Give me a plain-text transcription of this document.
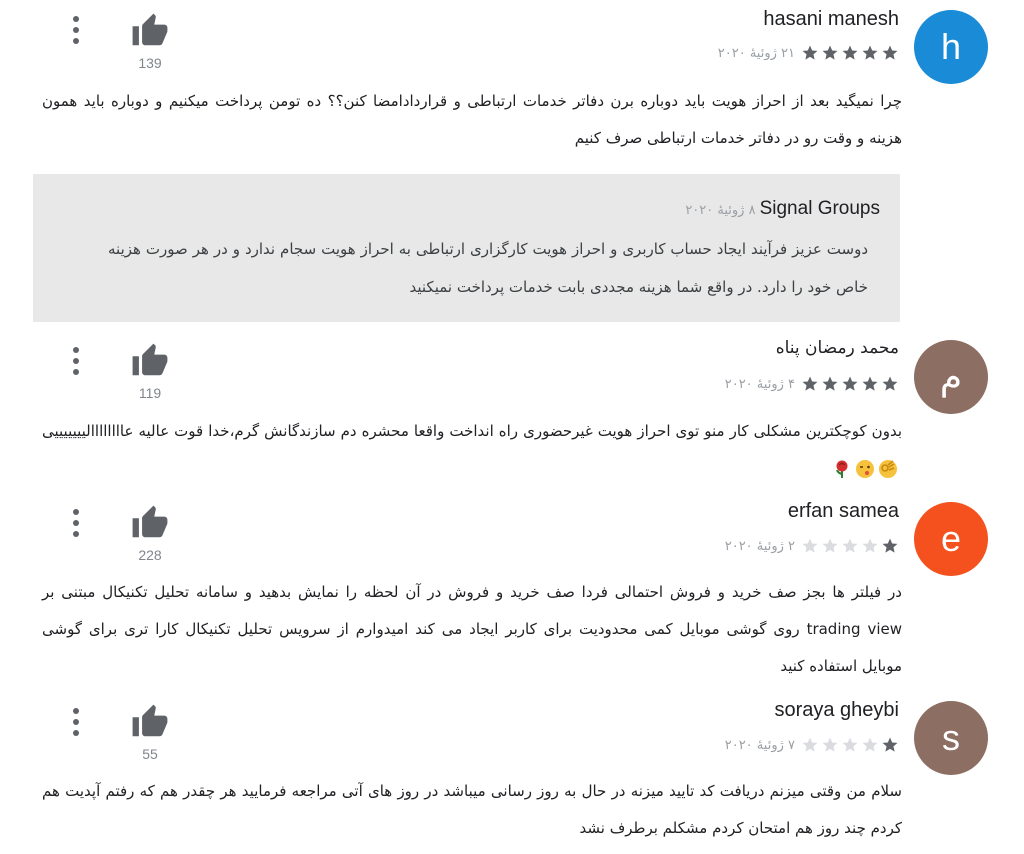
h
hasani manesh
۲۱ ژوئیهٔ ۲۰۲۰
139
چرا نمیگید بعد از احراز هویت باید دوباره برن دفاتر خدمات ارتباطی و قراردادامضا کنن؟؟ ده تومن پرداخت میکنیم و دوباره باید همون هزینه و وقت رو در دفاتر خدمات ارتباطی صرف کنیم
Signal Groups
۸ ژوئیهٔ ۲۰۲۰
دوست عزیز فرآیند ایجاد حساب کاربری و احراز هویت کارگزاری ارتباطی به احراز هویت سجام ندارد و در هر صورت هزینه خاص خود را دارد. در واقع شما هزینه مجددی بابت خدمات پرداخت نمیکنید
م
محمد رمضان پناه
۴ ژوئیهٔ ۲۰۲۰
119
بدون کوچکترین مشکلی کار منو توی احراز هویت غیرحضوری راه انداخت واقعا محشره دم سازندگانش گرم،خدا قوت عالیه عاااااااالیییییییی
e
erfan samea
۲ ژوئیهٔ ۲۰۲۰
228
در فیلتر ها بجز صف خرید و فروش احتمالی فردا صف خرید و فروش در آن لحظه را نمایش بدهید و سامانه تحلیل تکنیکال مبتنی بر trading view روی گوشی موبایل کمی محدودیت برای کاربر ایجاد می کند امیدوارم از سرویس تحلیل تکنیکال کارا تری برای گوشی موبایل استفاده کنید
s
soraya gheybi
۷ ژوئیهٔ ۲۰۲۰
55
سلام من وقتی میزنم دریافت کد تایید میزنه در حال به روز رسانی میباشد در روز های آتی مراجعه فرمایید هر چقدر هم که رفتم آپدیت هم کردم چند روز هم امتحان کردم مشکلم برطرف نشد
